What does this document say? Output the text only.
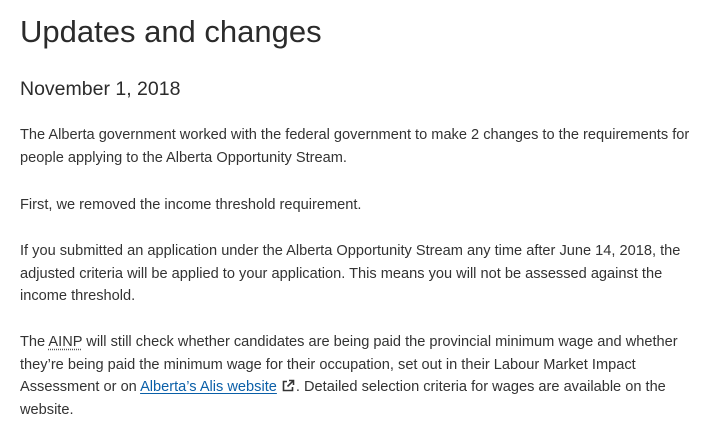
Updates and changes
November 1, 2018

The Alberta government worked with the federal government to make 2 changes to the requirements for people applying to the Alberta Opportunity Stream.

First, we removed the income threshold requirement.

If you submitted an application under the Alberta Opportunity Stream any time after June 14, 2018, the adjusted criteria will be applied to your application. This means you will not be assessed against the income threshold.

The AINP will still check whether candidates are being paid the provincial minimum wage and whether they’re being paid the minimum wage for their occupation, set out in their Labour Market Impact Assessment or on Alberta’s Alis website . Detailed selection criteria for wages are available on the website.
